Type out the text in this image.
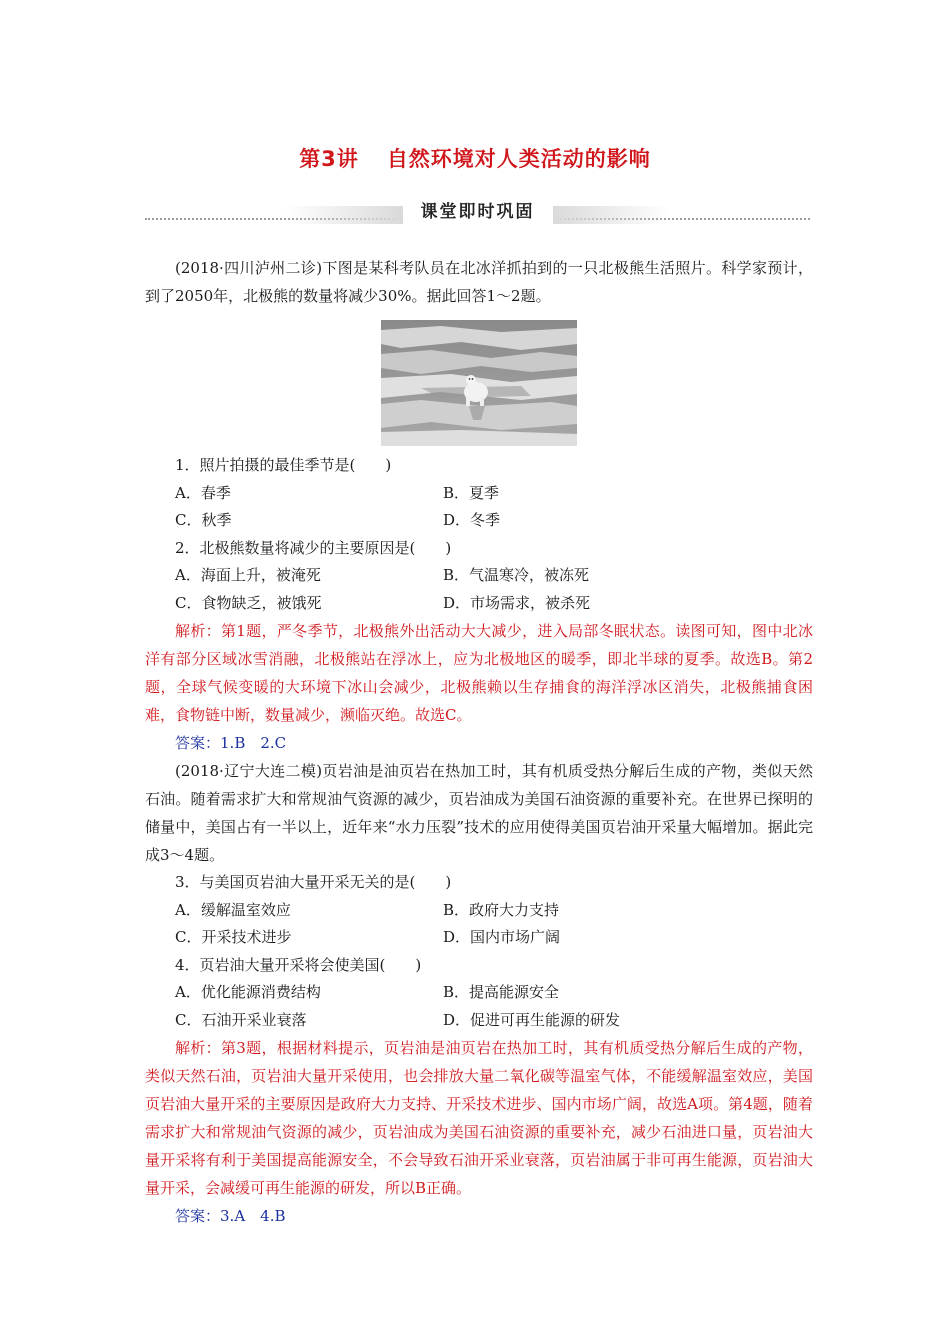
第3讲 自然环境对人类活动的影响
课堂即时巩固

(2018·四川泸州二诊)下图是某科考队员在北冰洋抓拍到的一只北极熊生活照片。科学家预计，到了2050年，北极熊的数量将减少30%。据此回答1～2题。

1．照片拍摄的最佳季节是(　　)

A．春季	B．夏季
C．秋季	D．冬季

2．北极熊数量将减少的主要原因是(　　)

A．海面上升，被淹死	B．气温寒冷，被冻死
C．食物缺乏，被饿死	D．市场需求，被杀死

解析：第1题，严冬季节，北极熊外出活动大大减少，进入局部冬眠状态。读图可知，图中北冰洋有部分区域冰雪消融，北极熊站在浮冰上，应为北极地区的暖季，即北半球的夏季。故选B。第2题，全球气候变暖的大环境下冰山会减少，北极熊赖以生存捕食的海洋浮冰区消失，北极熊捕食困难，食物链中断，数量减少，濒临灭绝。故选C。

答案：1.B　2.C

(2018·辽宁大连二模)页岩油是油页岩在热加工时，其有机质受热分解后生成的产物，类似天然石油。随着需求扩大和常规油气资源的减少，页岩油成为美国石油资源的重要补充。在世界已探明的储量中，美国占有一半以上，近年来“水力压裂”技术的应用使得美国页岩油开采量大幅增加。据此完成3～4题。

3．与美国页岩油大量开采无关的是(　　)

A．缓解温室效应	B．政府大力支持
C．开采技术进步	D．国内市场广阔

4．页岩油大量开采将会使美国(　　)

A．优化能源消费结构	B．提高能源安全
C．石油开采业衰落	D．促进可再生能源的研发

解析：第3题，根据材料提示，页岩油是油页岩在热加工时，其有机质受热分解后生成的产物，类似天然石油，页岩油大量开采使用，也会排放大量二氧化碳等温室气体，不能缓解温室效应，美国页岩油大量开采的主要原因是政府大力支持、开采技术进步、国内市场广阔，故选A项。第4题，随着需求扩大和常规油气资源的减少，页岩油成为美国石油资源的重要补充，减少石油进口量，页岩油大量开采将有利于美国提高能源安全，不会导致石油开采业衰落，页岩油属于非可再生能源，页岩油大量开采，会减缓可再生能源的研发，所以B正确。

答案：3.A　4.B
